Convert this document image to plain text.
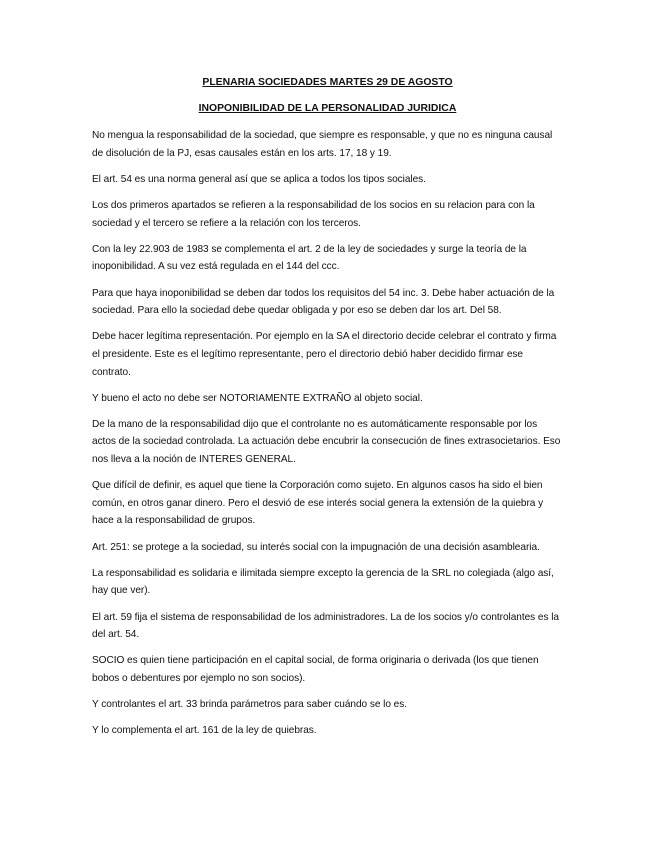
PLENARIA SOCIEDADES MARTES 29 DE AGOSTO

INOPONIBILIDAD DE LA PERSONALIDAD JURIDICA

No mengua la responsabilidad de la sociedad, que siempre es responsable, y que no es ninguna causal de disolución de la PJ, esas causales están en los arts. 17, 18 y 19.

El art. 54 es una norma general así que se aplica a todos los tipos sociales.

Los dos primeros apartados se refieren a la responsabilidad de los socios en su relacion para con la sociedad y el tercero se refiere a la relación con los terceros.

Con la ley 22.903 de 1983 se complementa el art. 2 de la ley de sociedades y surge la teoría de la inoponibilidad. A su vez está regulada en el 144 del ccc.

Para que haya inoponibilidad se deben dar todos los requisitos del 54 inc. 3. Debe haber actuación de la sociedad. Para ello la sociedad debe quedar obligada y por eso se deben dar los art. Del 58.

Debe hacer legítima representación. Por ejemplo en la SA el directorio decide celebrar el contrato y firma el presidente. Este es el legítimo representante, pero el directorio debió haber decidido firmar ese contrato.

Y bueno el acto no debe ser NOTORIAMENTE EXTRAÑO al objeto social.

De la mano de la responsabilidad dijo que el controlante no es automáticamente responsable por los actos de la sociedad controlada. La actuación debe encubrir la consecución de fines extrasocietarios. Eso nos lleva a la noción de INTERES GENERAL.

Que difícil de definir, es aquel que tiene la Corporación como sujeto. En algunos casos ha sido el bien común, en otros ganar dinero. Pero el desvió de ese interés social genera la extensión de la quiebra y hace a la responsabilidad de grupos.

Art. 251: se protege a la sociedad, su interés social con la impugnación de una decisión asamblearia.

La responsabilidad es solidaria e ilimitada siempre excepto la gerencia de la SRL no colegiada (algo así, hay que ver).

El art. 59 fija el sistema de responsabilidad de los administradores. La de los socios y/o controlantes es la del art. 54.

SOCIO es quien tiene participación en el capital social, de forma originaria o derivada (los que tienen bobos o debentures por ejemplo no son socios).

Y controlantes el art. 33 brinda parámetros para saber cuándo se lo es.

Y lo complementa el art. 161 de la ley de quiebras.
